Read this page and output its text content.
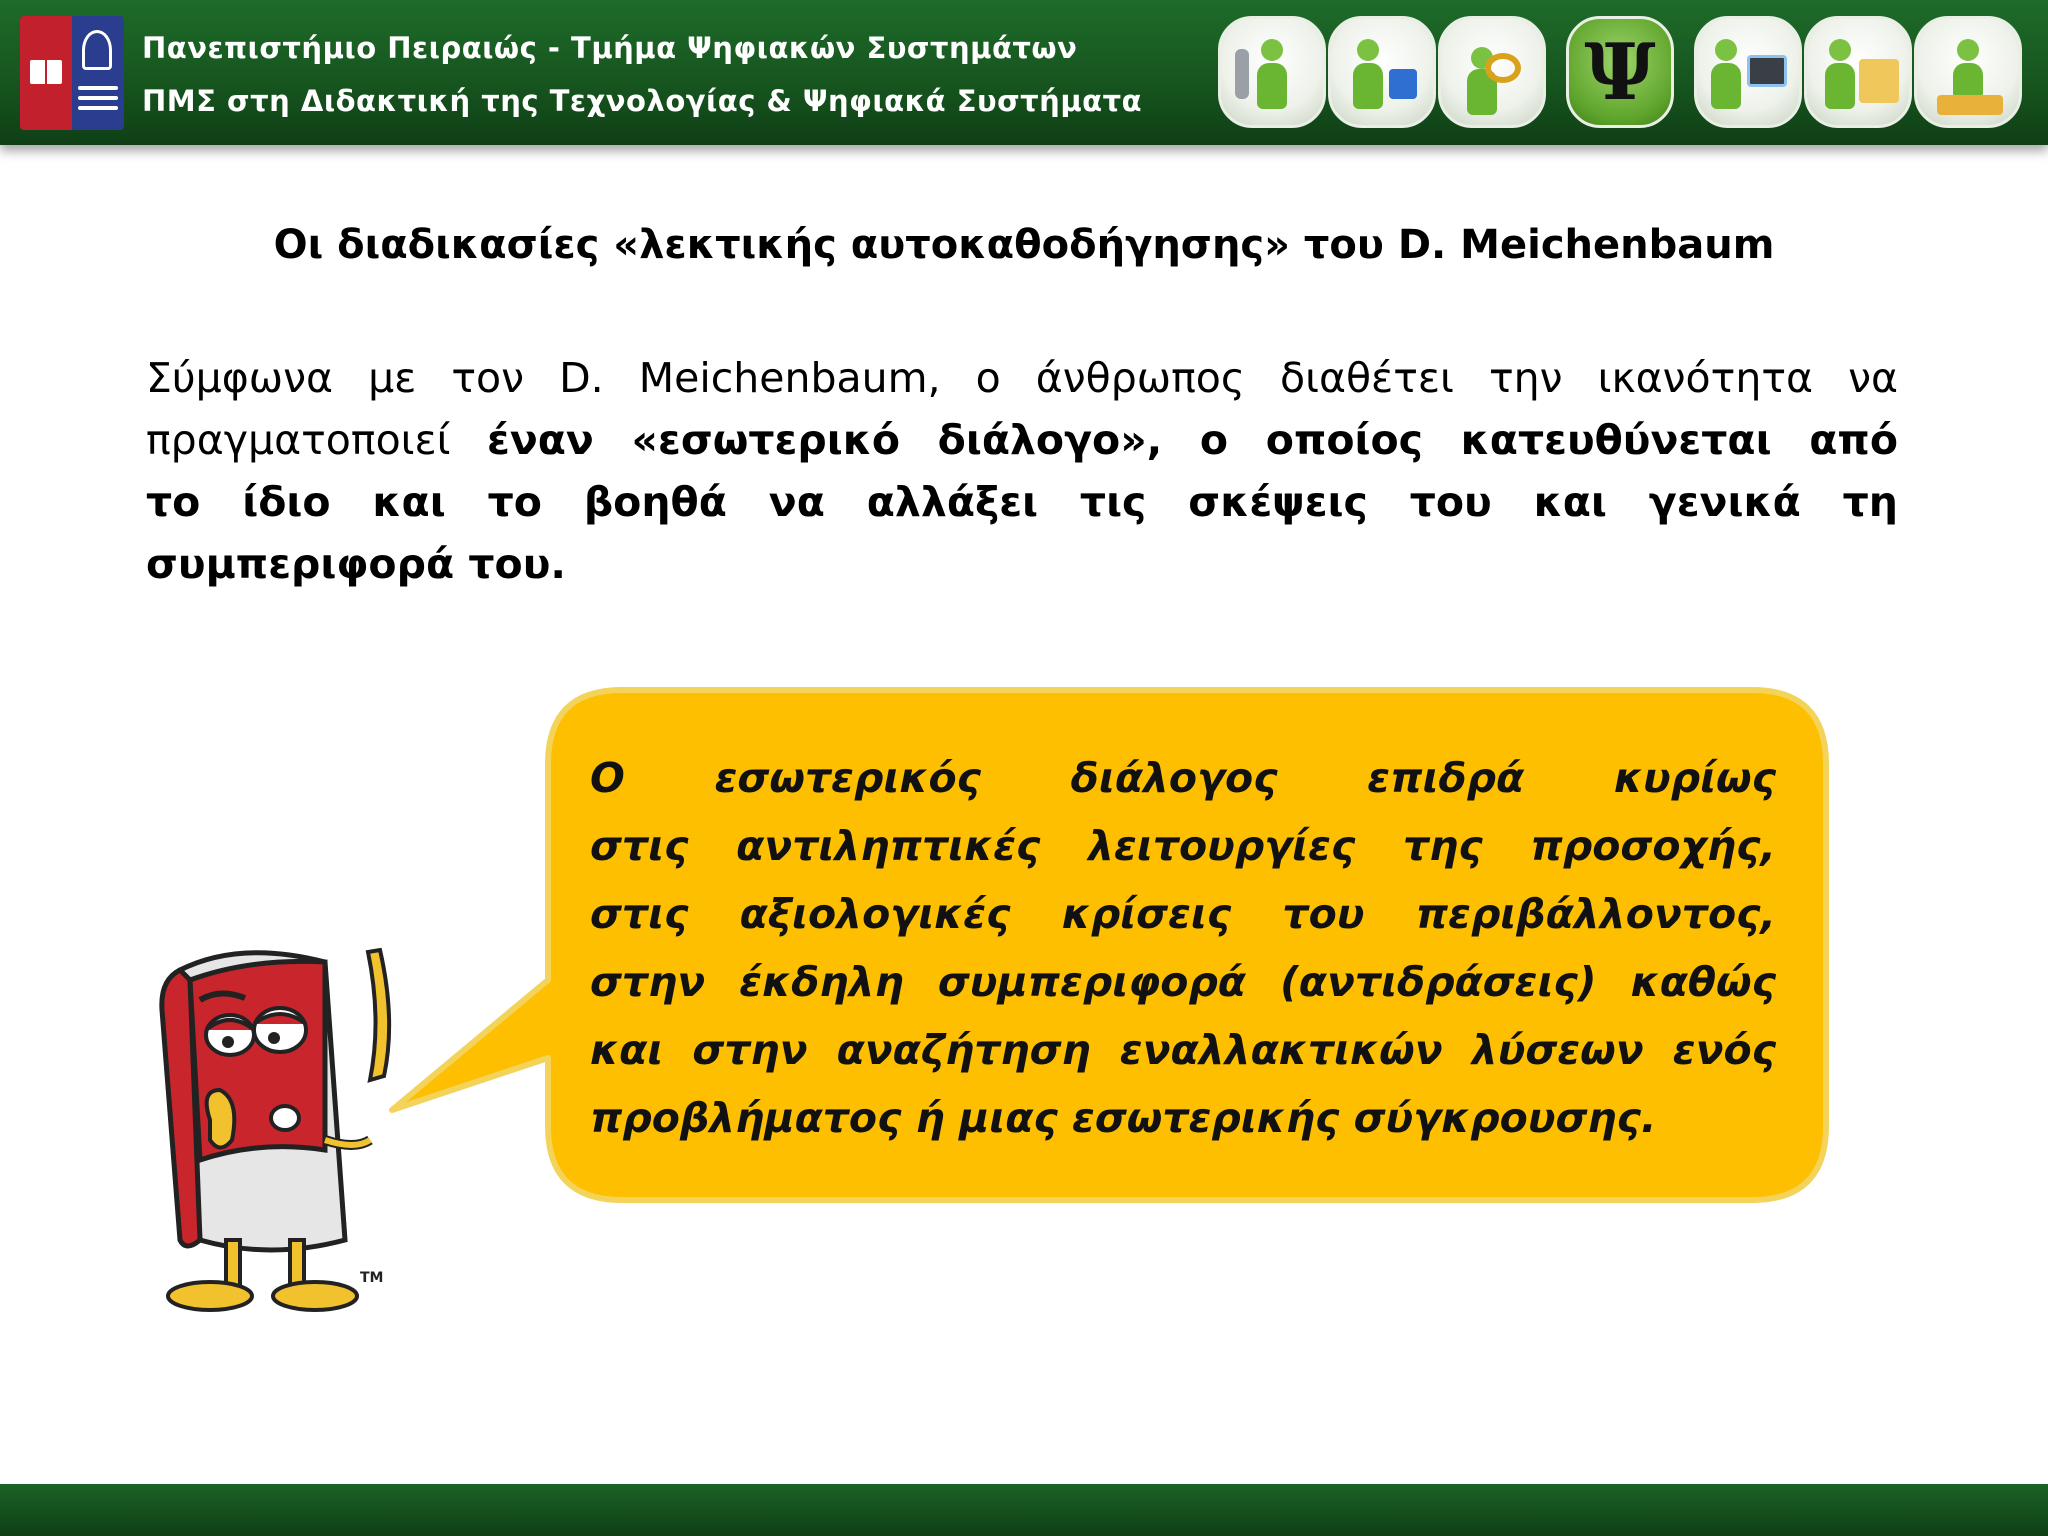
Πανεπιστήμιο Πειραιώς - Τμήμα Ψηφιακών Συστημάτων
ΠΜΣ στη Διδακτική της Τεχνολογίας & Ψηφιακά Συστήματα	Ψ
Οι διαδικασίες «λεκτικής αυτοκαθοδήγησης» του D. Meichenbaum
Σύμφωνα με τον D. Meichenbaum, ο άνθρωπος διαθέτει την ικανότητα να
πραγματοποιεί έναν «εσωτερικό διάλογο», ο οποίος κατευθύνεται από
το ίδιο και το βοηθά να αλλάξει τις σκέψεις του και γενικά τη
συμπεριφορά του.
Ο εσωτερικός διάλογος επιδρά κυρίως
στις αντιληπτικές λειτουργίες της προσοχής,
στις αξιολογικές κρίσεις του περιβάλλοντος,
στην έκδηλη συμπεριφορά (αντιδράσεις) καθώς
και στην αναζήτηση εναλλακτικών λύσεων ενός
προβλήματος ή μιας εσωτερικής σύγκρουσης.
TM
